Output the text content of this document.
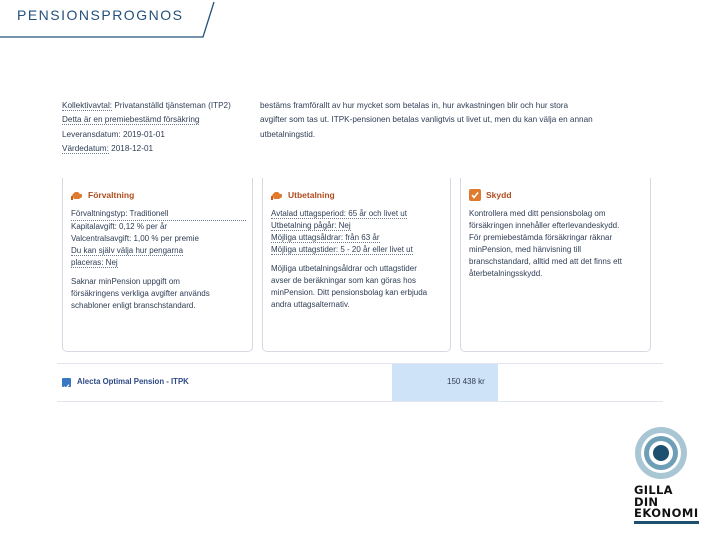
PENSIONSPROGNOS
Kollektivavtal: Privatanställd tjänsteman (ITP2)
Detta är en premiebestämd försäkring
Leveransdatum: 2019-01-01
Värdedatum: 2018-12-01
bestäms framförallt av hur mycket som betalas in, hur avkastningen blir och hur stora
avgifter som tas ut. ITPK-pensionen betalas vanligtvis ut livet ut, men du kan välja en annan
utbetalningstid.
Förvaltning
Förvaltningstyp: Traditionell
Kapitalavgift: 0,12 % per år
Valcentralsavgift: 1,00 % per premie
Du kan själv välja hur pengarna
placeras: Nej
Saknar minPension uppgift om
försäkringens verkliga avgifter används
schabloner enligt branschstandard.
Utbetalning
Avtalad uttagsperiod: 65 år och livet ut
Utbetalning pågår: Nej
Möjliga uttagsåldrar: från 63 år
Möjliga uttagstider: 5 - 20 år eller livet ut
Möjliga utbetalningsåldrar och uttagstider
avser de beräkningar som kan göras hos
minPension. Ditt pensionsbolag kan erbjuda
andra uttagsalternativ.
Skydd
Kontrollera med ditt pensionsbolag om
försäkringen innehåller efterlevandeskydd.
För premiebestämda försäkringar räknar
minPension, med hänvisning till
branschstandard, alltid med att det finns ett
återbetalningsskydd.
Alecta Optimal Pension - ITPK	150 438 kr
GILLA DIN
EKONOMI
